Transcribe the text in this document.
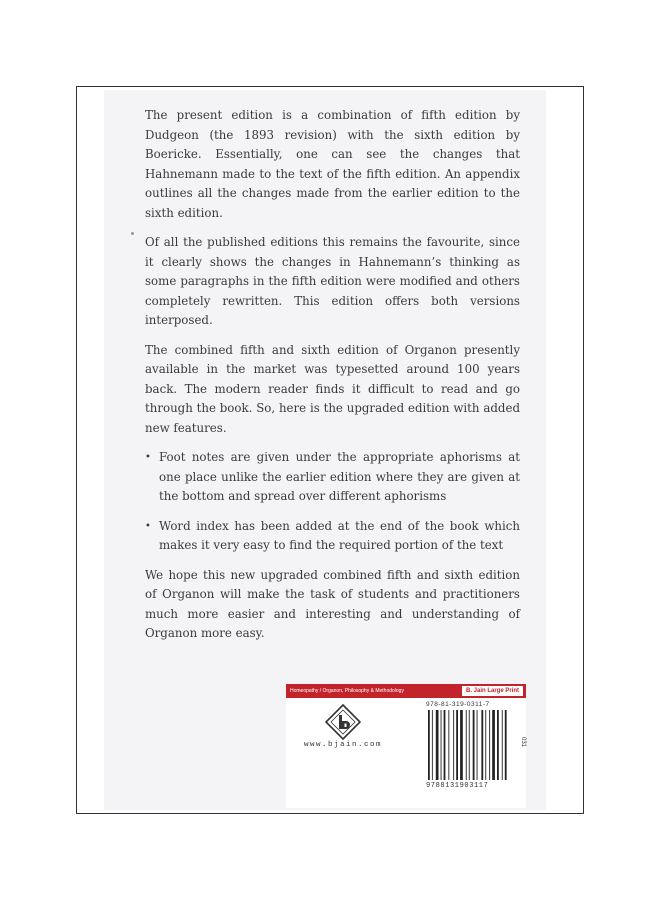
The present edition is a combination of fifth edition by Dudgeon (the 1893 revision) with the sixth edition by Boericke. Essentially, one can see the changes that Hahnemann made to the text of the fifth edition. An appendix outlines all the changes made from the earlier edition to the sixth edition.

Of all the published editions this remains the favourite, since it clearly shows the changes in Hahnemann’s thinking as some paragraphs in the fifth edition were modified and others completely rewritten. This edition offers both versions interposed.

The combined fifth and sixth edition of Organon presently available in the market was typesetted around 100 years back. The modern reader finds it difficult to read and go through the book. So, here is the upgraded edition with added new features.

• Foot notes are given under the appropriate aphorisms at one place unlike the earlier edition where they are given at the bottom and spread over different aphorisms
• Word index has been added at the end of the book which makes it very easy to find the required portion of the text

We hope this new upgraded combined fifth and sixth edition of Organon will make the task of students and practitioners much more easier and interesting and understanding of Organon more easy.

Homeopathy / Organon, Philosophy & Methodology	B. Jain Large Print
www.bjain.com
978-81-319-0311-7
031
9788131903117
